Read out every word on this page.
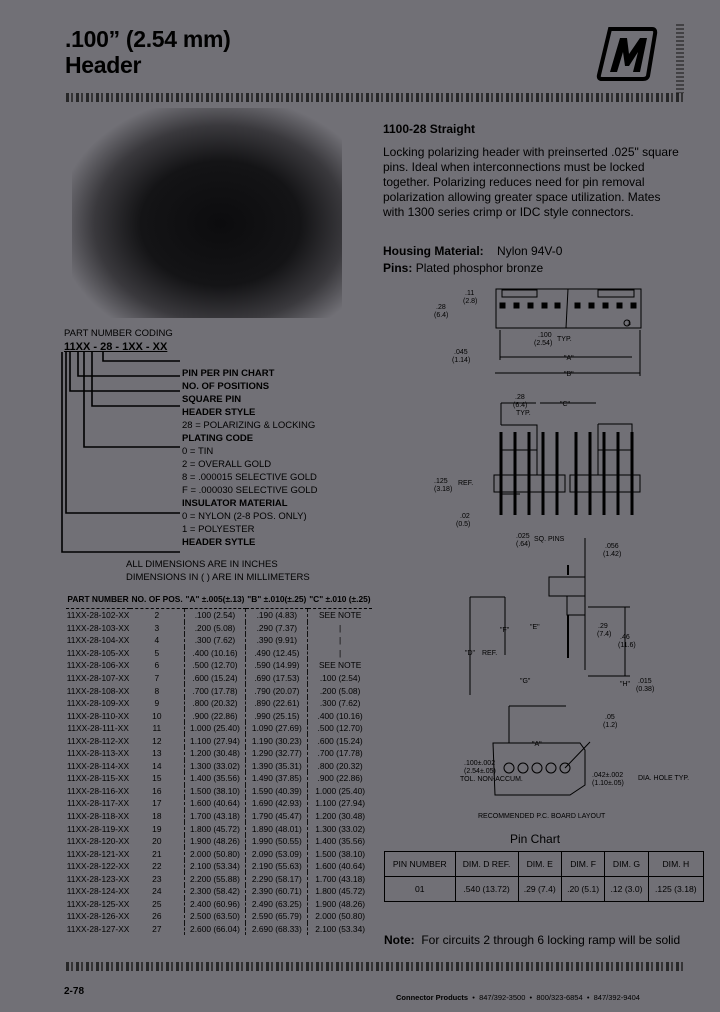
.100” (2.54 mm)
Header
1100-28 Straight
Locking polarizing header with preinserted .025" square pins. Ideal when interconnections must be locked together. Polarizing reduces need for pin removal polarization allowing greater space utilization. Mates with 1300 series crimp or IDC style connectors.
Housing Material: Nylon 94V-0
Pins: Plated phosphor bronze
PART NUMBER CODING
11XX - 28 - 1XX - XX
PIN PER PIN CHART
NO. OF POSITIONS
SQUARE PIN
HEADER STYLE
28 = POLARIZING & LOCKING
PLATING CODE
0 = TIN
2 = OVERALL GOLD
8 = .000015 SELECTIVE GOLD
F = .000030 SELECTIVE GOLD
INSULATOR MATERIAL
0 = NYLON (2-8 POS. ONLY)
1 = POLYESTER
HEADER SYTLE
ALL DIMENSIONS ARE IN INCHES
DIMENSIONS IN ( ) ARE IN MILLIMETERS
PART NUMBER	NO. OF POS.	"A" ±.005(±.13)	"B" ±.010(±.25)	"C" ±.010 (±.25)
11XX-28-102-XX	2	.100 (2.54)	.190 (4.83)	SEE NOTE
11XX-28-103-XX	3	.200 (5.08)	.290 (7.37)	|
11XX-28-104-XX	4	.300 (7.62)	.390 (9.91)	|
11XX-28-105-XX	5	.400 (10.16)	.490 (12.45)	|
11XX-28-106-XX	6	.500 (12.70)	.590 (14.99)	SEE NOTE
11XX-28-107-XX	7	.600 (15.24)	.690 (17.53)	.100 (2.54)
11XX-28-108-XX	8	.700 (17.78)	.790 (20.07)	.200 (5.08)
11XX-28-109-XX	9	.800 (20.32)	.890 (22.61)	.300 (7.62)
11XX-28-110-XX	10	.900 (22.86)	.990 (25.15)	.400 (10.16)
11XX-28-111-XX	11	1.000 (25.40)	1.090 (27.69)	.500 (12.70)
11XX-28-112-XX	12	1.100 (27.94)	1.190 (30.23)	.600 (15.24)
11XX-28-113-XX	13	1.200 (30.48)	1.290 (32.77)	.700 (17.78)
11XX-28-114-XX	14	1.300 (33.02)	1.390 (35.31)	.800 (20.32)
11XX-28-115-XX	15	1.400 (35.56)	1.490 (37.85)	.900 (22.86)
11XX-28-116-XX	16	1.500 (38.10)	1.590 (40.39)	1.000 (25.40)
11XX-28-117-XX	17	1.600 (40.64)	1.690 (42.93)	1.100 (27.94)
11XX-28-118-XX	18	1.700 (43.18)	1.790 (45.47)	1.200 (30.48)
11XX-28-119-XX	19	1.800 (45.72)	1.890 (48.01)	1.300 (33.02)
11XX-28-120-XX	20	1.900 (48.26)	1.990 (50.55)	1.400 (35.56)
11XX-28-121-XX	21	2.000 (50.80)	2.090 (53.09)	1.500 (38.10)
11XX-28-122-XX	22	2.100 (53.34)	2.190 (55.63)	1.600 (40.64)
11XX-28-123-XX	23	2.200 (55.88)	2.290 (58.17)	1.700 (43.18)
11XX-28-124-XX	24	2.300 (58.42)	2.390 (60.71)	1.800 (45.72)
11XX-28-125-XX	25	2.400 (60.96)	2.490 (63.25)	1.900 (48.26)
11XX-28-126-XX	26	2.500 (63.50)	2.590 (65.79)	2.000 (50.80)
11XX-28-127-XX	27	2.600 (66.04)	2.690 (68.33)	2.100 (53.34)
.28
(6.4)
.11
(2.8)
.100
(2.54)
TYP.
1
.045
(1.14)	"A"
"B"
.28
(6.4)
TYP.
"C"
.125
(3.18)
REF.
.02
(0.5)
.025
(.64)
SQ. PINS
.056
(1.42)
.29
(7.4) .46
(11.6)
"H" .015
(0.38)
"E"
"F"
"D" REF.
"G"
.05
(1.2)
"A"
.100±.002
(2.54±.05)
TOL. NON-ACCUM.
.042±.002
(1.10±.05)
DIA. HOLE TYP.
RECOMMENDED P.C. BOARD LAYOUT
Pin Chart
PIN NUMBER	DIM. D REF.	DIM. E	DIM. F	DIM. G	DIM. H
01	.540 (13.72)	.29 (7.4)	.20 (5.1)	.12 (3.0)	.125 (3.18)
Note: For circuits 2 through 6 locking ramp will be solid
2-78
Connector Products • 847/392-3500 • 800/323-6854 • 847/392-9404
